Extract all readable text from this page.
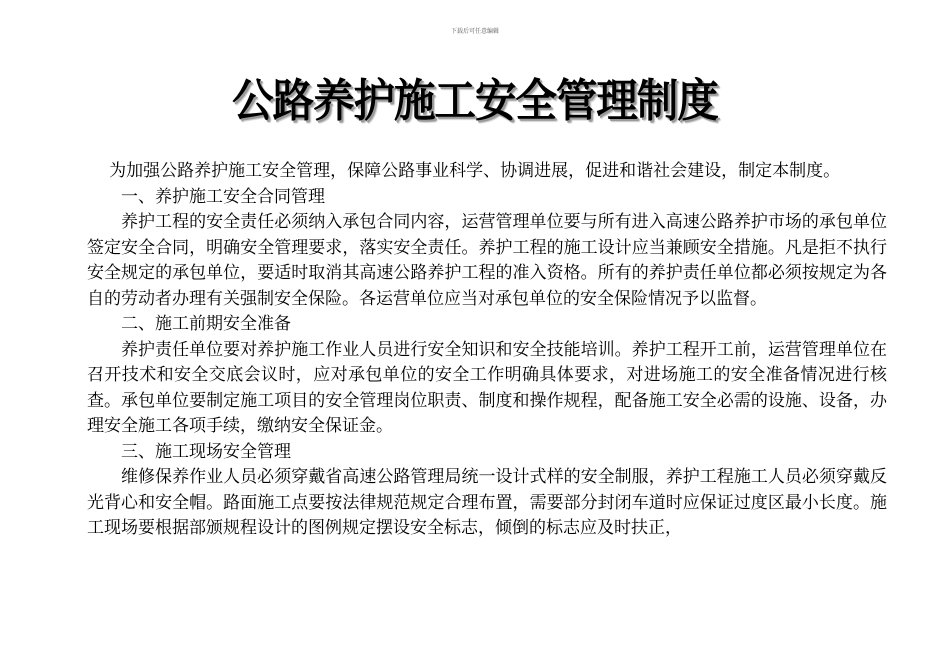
下载后可任意编辑
公路养护施工安全管理制度

为加强公路养护施工安全管理，保障公路事业科学、协调进展，促进和谐社会建设，制定本制度。

一、养护施工安全合同管理

养护工程的安全责任必须纳入承包合同内容，运营管理单位要与所有进入高速公路养护市场的承包单位签定安全合同，明确安全管理要求，落实安全责任。养护工程的施工设计应当兼顾安全措施。凡是拒不执行安全规定的承包单位，要适时取消其高速公路养护工程的准入资格。所有的养护责任单位都必须按规定为各自的劳动者办理有关强制安全保险。各运营单位应当对承包单位的安全保险情况予以监督。

二、施工前期安全准备

养护责任单位要对养护施工作业人员进行安全知识和安全技能培训。养护工程开工前，运营管理单位在召开技术和安全交底会议时，应对承包单位的安全工作明确具体要求，对进场施工的安全准备情况进行核查。承包单位要制定施工项目的安全管理岗位职责、制度和操作规程，配备施工安全必需的设施、设备，办理安全施工各项手续，缴纳安全保证金。

三、施工现场安全管理

维修保养作业人员必须穿戴省高速公路管理局统一设计式样的安全制服，养护工程施工人员必须穿戴反光背心和安全帽。路面施工点要按法律规范规定合理布置，需要部分封闭车道时应保证过度区最小长度。施工现场要根据部颁规程设计的图例规定摆设安全标志，倾倒的标志应及时扶正，
